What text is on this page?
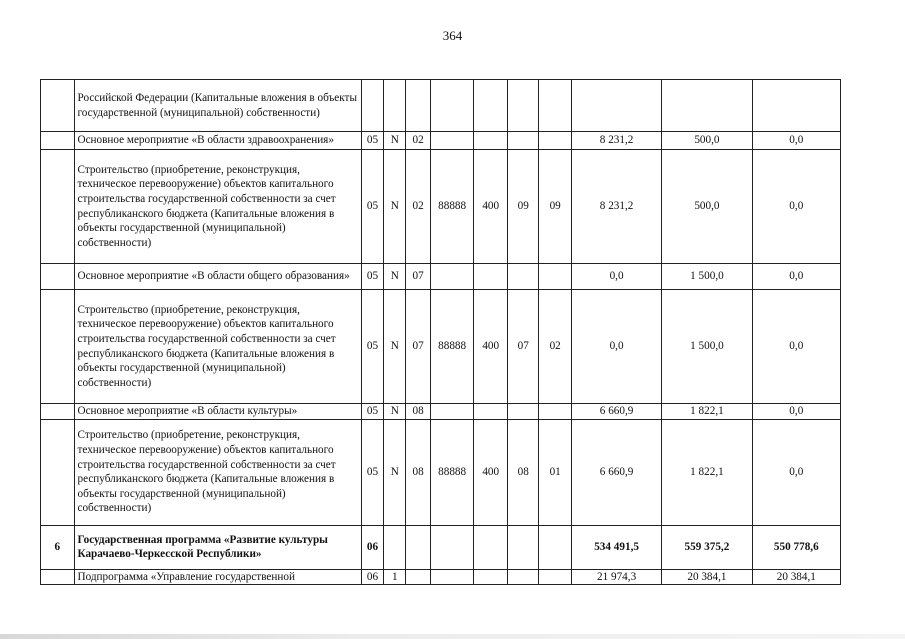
364
	Российской Федерации (Капитальные вложения в объекты государственной (муниципальной) собственности)										
	Основное мероприятие «В области здравоохранения»	05	N	02					8 231,2	500,0	0,0
	Строительство (приобретение, реконструкция, техническое перевооружение) объектов капитального строительства государственной собственности за счет республиканского бюджета (Капитальные вложения в объекты государственной (муниципальной) собственности)	05	N	02	88888	400	09	09	8 231,2	500,0	0,0
	Основное мероприятие «В области общего образования»	05	N	07					0,0	1 500,0	0,0
	Строительство (приобретение, реконструкция, техническое перевооружение) объектов капитального строительства государственной собственности за счет республиканского бюджета (Капитальные вложения в объекты государственной (муниципальной) собственности)	05	N	07	88888	400	07	02	0,0	1 500,0	0,0
	Основное мероприятие «В области культуры»	05	N	08					6 660,9	1 822,1	0,0
	Строительство (приобретение, реконструкция, техническое перевооружение) объектов капитального строительства государственной собственности за счет республиканского бюджета (Капитальные вложения в объекты государственной (муниципальной) собственности)	05	N	08	88888	400	08	01	6 660,9	1 822,1	0,0
6	Государственная программа «Развитие культуры Карачаево-Черкесской Республики»	06							534 491,5	559 375,2	550 778,6
	Подпрограмма «Управление государственной	06	1						21 974,3	20 384,1	20 384,1
